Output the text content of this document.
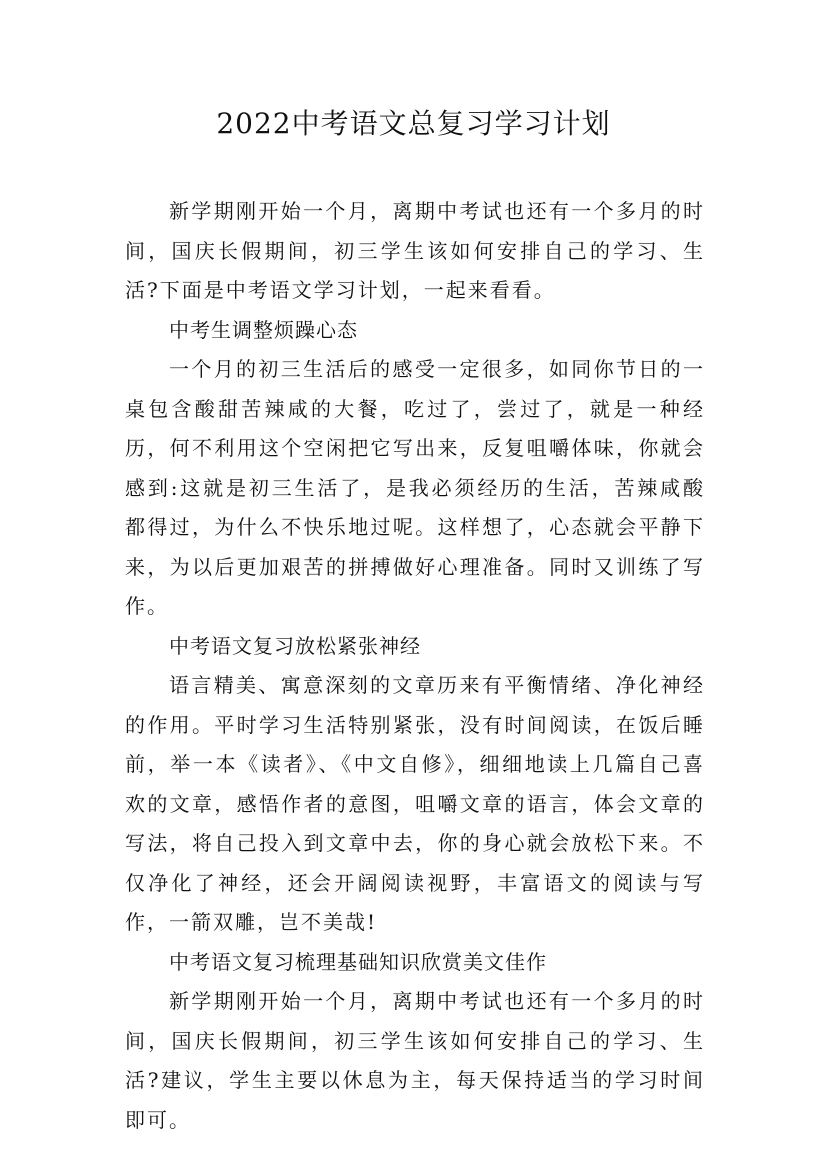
2022中考语文总复习学习计划

新学期刚开始一个月，离期中考试也还有一个多月的时间，国庆长假期间，初三学生该如何安排自己的学习、生活?下面是中考语文学习计划，一起来看看。

中考生调整烦躁心态

一个月的初三生活后的感受一定很多，如同你节日的一桌包含酸甜苦辣咸的大餐，吃过了，尝过了，就是一种经历，何不利用这个空闲把它写出来，反复咀嚼体味，你就会感到:这就是初三生活了，是我必须经历的生活，苦辣咸酸都得过，为什么不快乐地过呢。这样想了，心态就会平静下来，为以后更加艰苦的拼搏做好心理准备。同时又训练了写作。

中考语文复习放松紧张神经

语言精美、寓意深刻的文章历来有平衡情绪、净化神经的作用。平时学习生活特别紧张，没有时间阅读，在饭后睡前，举一本《读者》、《中文自修》，细细地读上几篇自己喜欢的文章，感悟作者的意图，咀嚼文章的语言，体会文章的写法，将自己投入到文章中去，你的身心就会放松下来。不仅净化了神经，还会开阔阅读视野，丰富语文的阅读与写作，一箭双雕，岂不美哉!

中考语文复习梳理基础知识欣赏美文佳作

新学期刚开始一个月，离期中考试也还有一个多月的时间，国庆长假期间，初三学生该如何安排自己的学习、生活?建议，学生主要以休息为主，每天保持适当的学习时间即可。
